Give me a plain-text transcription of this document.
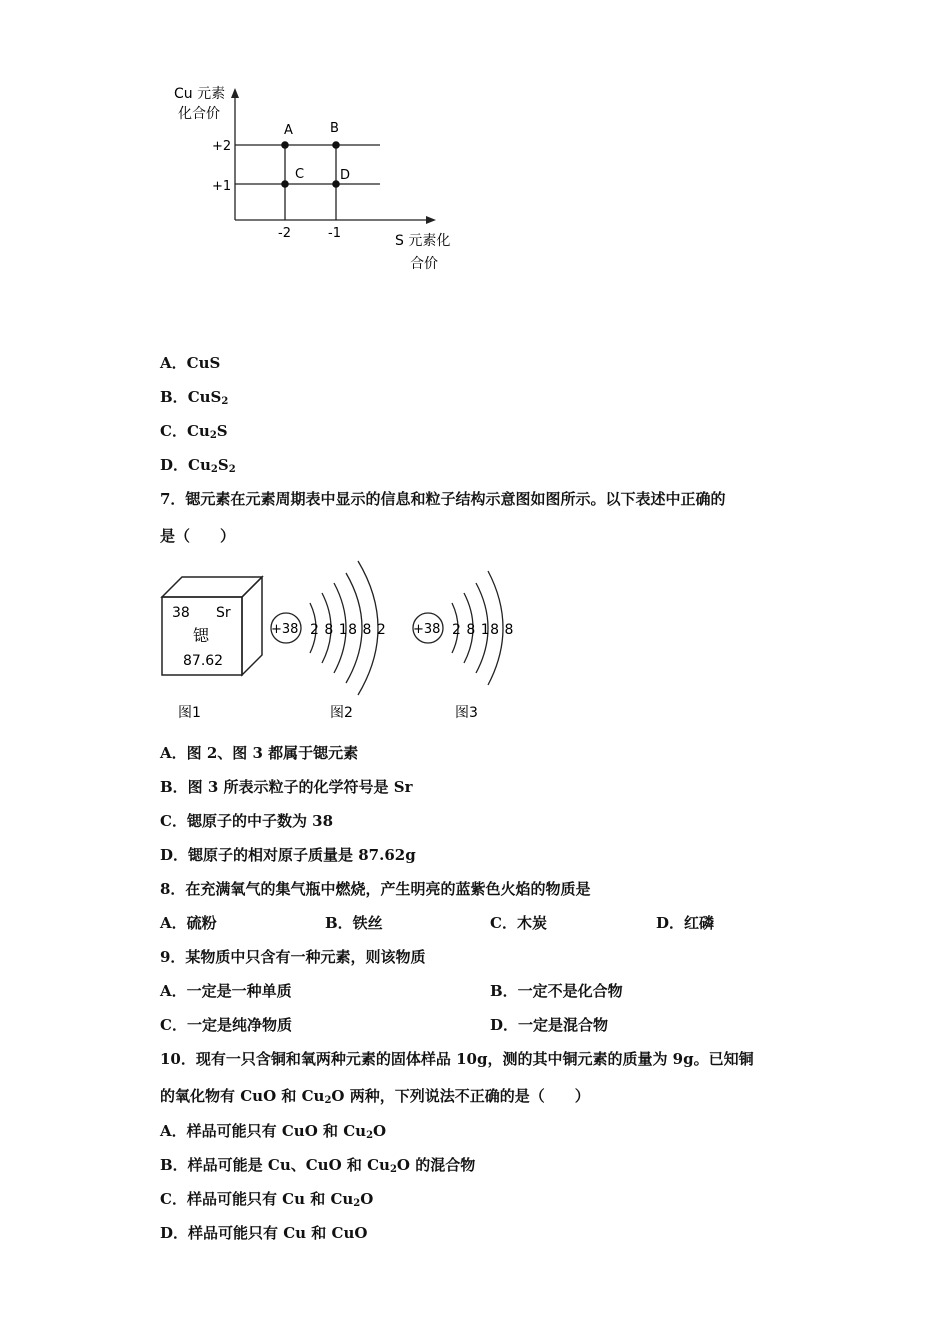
Cu 元素
化合价
+2
+1
-2	-1
A	B
C	D
S 元素化
合价
A．CuS
B．CuS$_2$
C．$Cu_2S$
D．$Cu_2S_2$
7．锶元素在元素周期表中显示的信息和粒子结构示意图如图所示。以下表述中正确的
是（　　）
38 Sr
锶
87.62
+38 2 8 18 8 2 +38 2 8 18 8
图1	图2	图3
A．图 2、图 3 都属于锶元素
B．图 3 所表示粒子的化学符号是 Sr
C．锶原子的中子数为 38
D．锶原子的相对原子质量是 87.62g
8．在充满氧气的集气瓶中燃烧，产生明亮的蓝紫色火焰的物质是
A．硫粉	B．铁丝	C．木炭	D．红磷
9．某物质中只含有一种元素，则该物质
A．一定是一种单质	B．一定不是化合物
C．一定是纯净物质	D．一定是混合物
10．现有一只含铜和氧两种元素的固体样品 10g，测的其中铜元素的质量为 9g。已知铜
的氧化物有 CuO 和 $Cu_2O$ 两种，下列说法不正确的是（　　）
A．样品可能只有 CuO 和 $Cu_2O$
B．样品可能是 Cu、CuO 和 $Cu_2O$ 的混合物
C．样品可能只有 Cu 和 $Cu_2O$
D．样品可能只有 Cu 和 CuO
